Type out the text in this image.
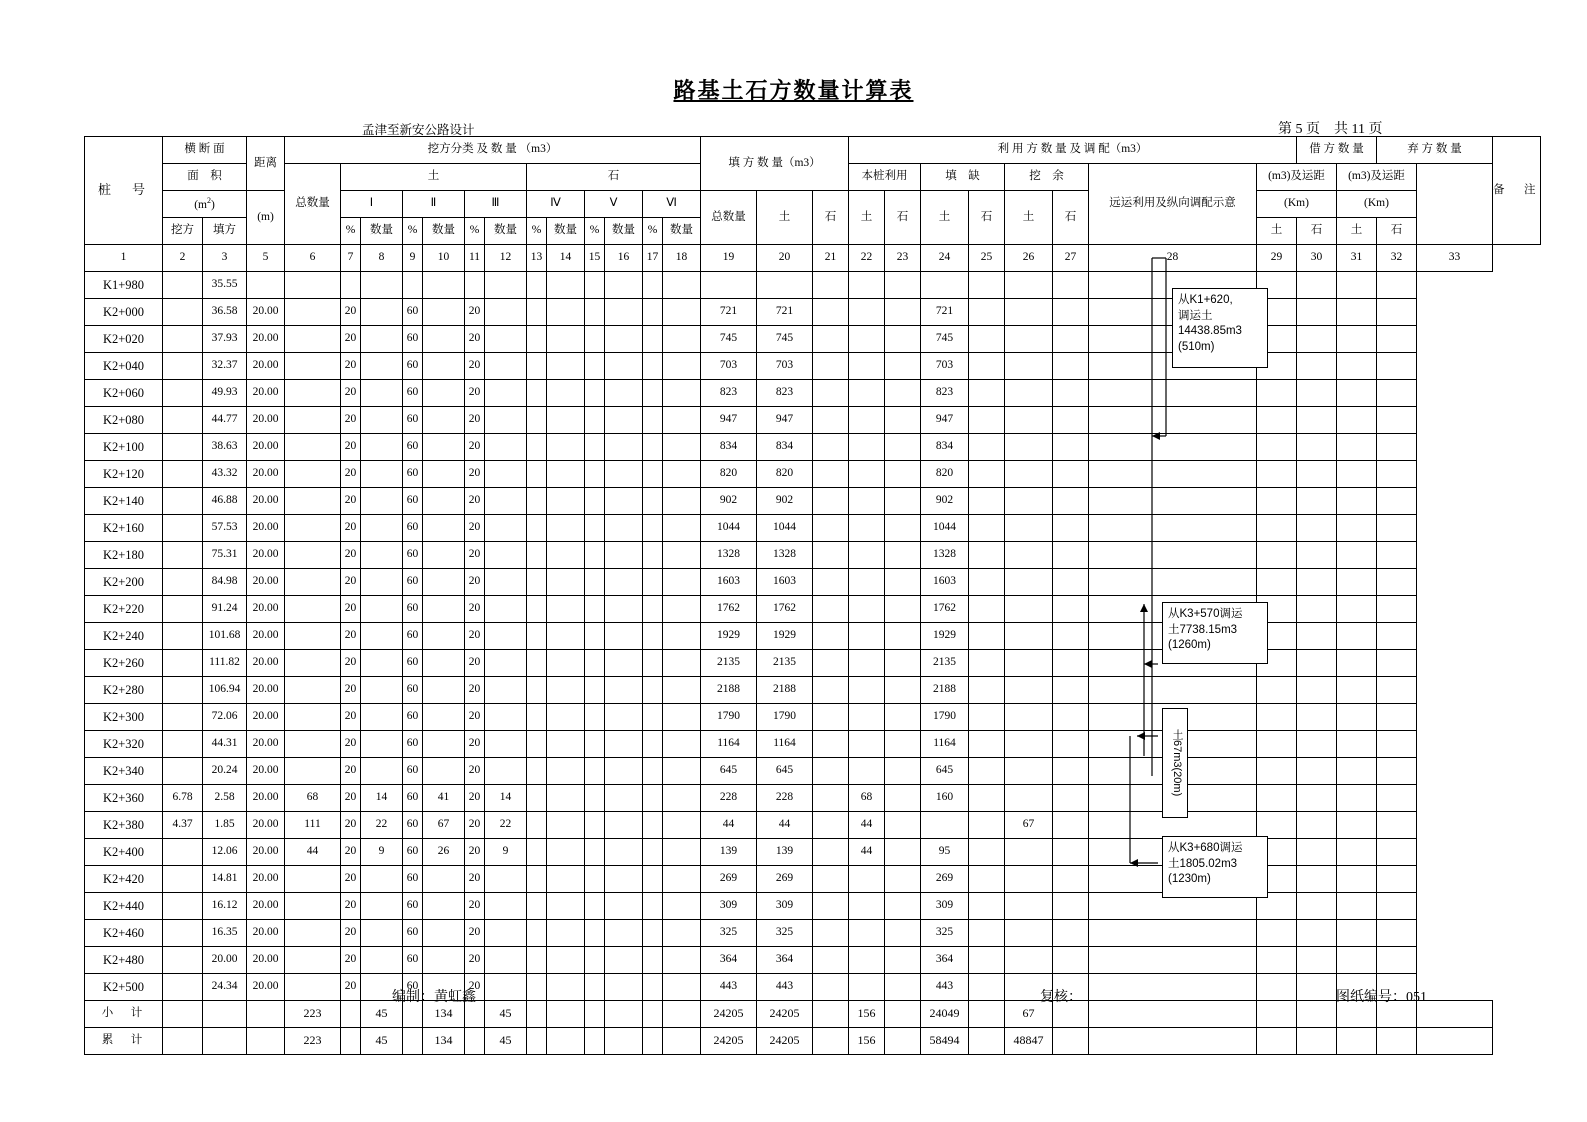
路基土石方数量计算表
孟津至新安公路设计	第 5 页　共 11 页
桩　号	横 断 面		距离	挖方分类 及 数 量 （m3）													填 方 数 量（m3）			利 用 方 数 量 及 调 配（m3）								借 方 数 量		弃 方 数 量		备　注
	面　积			总数量	土						石									本桩利用		填　缺		挖　余		远运利用及纵向调配示意	(m3)及运距		(m3)及运距			
	$(m^2)$		(m)		Ⅰ		Ⅱ		Ⅲ		Ⅳ		Ⅴ		Ⅵ		总数量	土	石	土	石	土	石	土	石		(Km)		(Km)			
	挖方	填方			%	数量	%	数量	%	数量	%	数量	%	数量	%	数量											土	石	土	石		
1	2	3	5	6	7	8	9	10	11	12	13	14	15	16	17	18	19	20	21	22	23	24	25	26	27	28	29	30	31	32	33	
K1+980		35.55																														
K2+000		36.58	20.00		20		60		20								721	721				721										
K2+020		37.93	20.00		20		60		20								745	745				745										
K2+040		32.37	20.00		20		60		20								703	703				703										
K2+060		49.93	20.00		20		60		20								823	823				823										
K2+080		44.77	20.00		20		60		20								947	947				947										
K2+100		38.63	20.00		20		60		20								834	834				834										
K2+120		43.32	20.00		20		60		20								820	820				820										
K2+140		46.88	20.00		20		60		20								902	902				902										
K2+160		57.53	20.00		20		60		20								1044	1044				1044										
K2+180		75.31	20.00		20		60		20								1328	1328				1328										
K2+200		84.98	20.00		20		60		20								1603	1603				1603										
K2+220		91.24	20.00		20		60		20								1762	1762				1762										
K2+240		101.68	20.00		20		60		20								1929	1929				1929										
K2+260		111.82	20.00		20		60		20								2135	2135				2135										
K2+280		106.94	20.00		20		60		20								2188	2188				2188										
K2+300		72.06	20.00		20		60		20								1790	1790				1790										
K2+320		44.31	20.00		20		60		20								1164	1164				1164										
K2+340		20.24	20.00		20		60		20								645	645				645										
K2+360	6.78	2.58	20.00	68	20	14	60	41	20	14							228	228		68		160										
K2+380	4.37	1.85	20.00	111	20	22	60	67	20	22							44	44		44				67								
K2+400		12.06	20.00	44	20	9	60	26	20	9							139	139		44		95										
K2+420		14.81	20.00		20		60		20								269	269				269										
K2+440		16.12	20.00		20		60		20								309	309				309										
K2+460		16.35	20.00		20		60		20								325	325				325										
K2+480		20.00	20.00		20		60		20								364	364				364										
K2+500		24.34	20.00		20		60		20								443	443				443										
小　计				223		45		134		45							24205	24205		156		24049		67								
累　计				223		45		134		45							24205	24205		156		58494		48847								
从K1+620,
调运土
14438.85m3
(510m)
从K3+570调运
土7738.15m3
(1260m)
土67m3(20m)
从K3+680调运
土1805.02m3
(1230m)
编制：黄虹鑫	复核：	图纸编号：051
